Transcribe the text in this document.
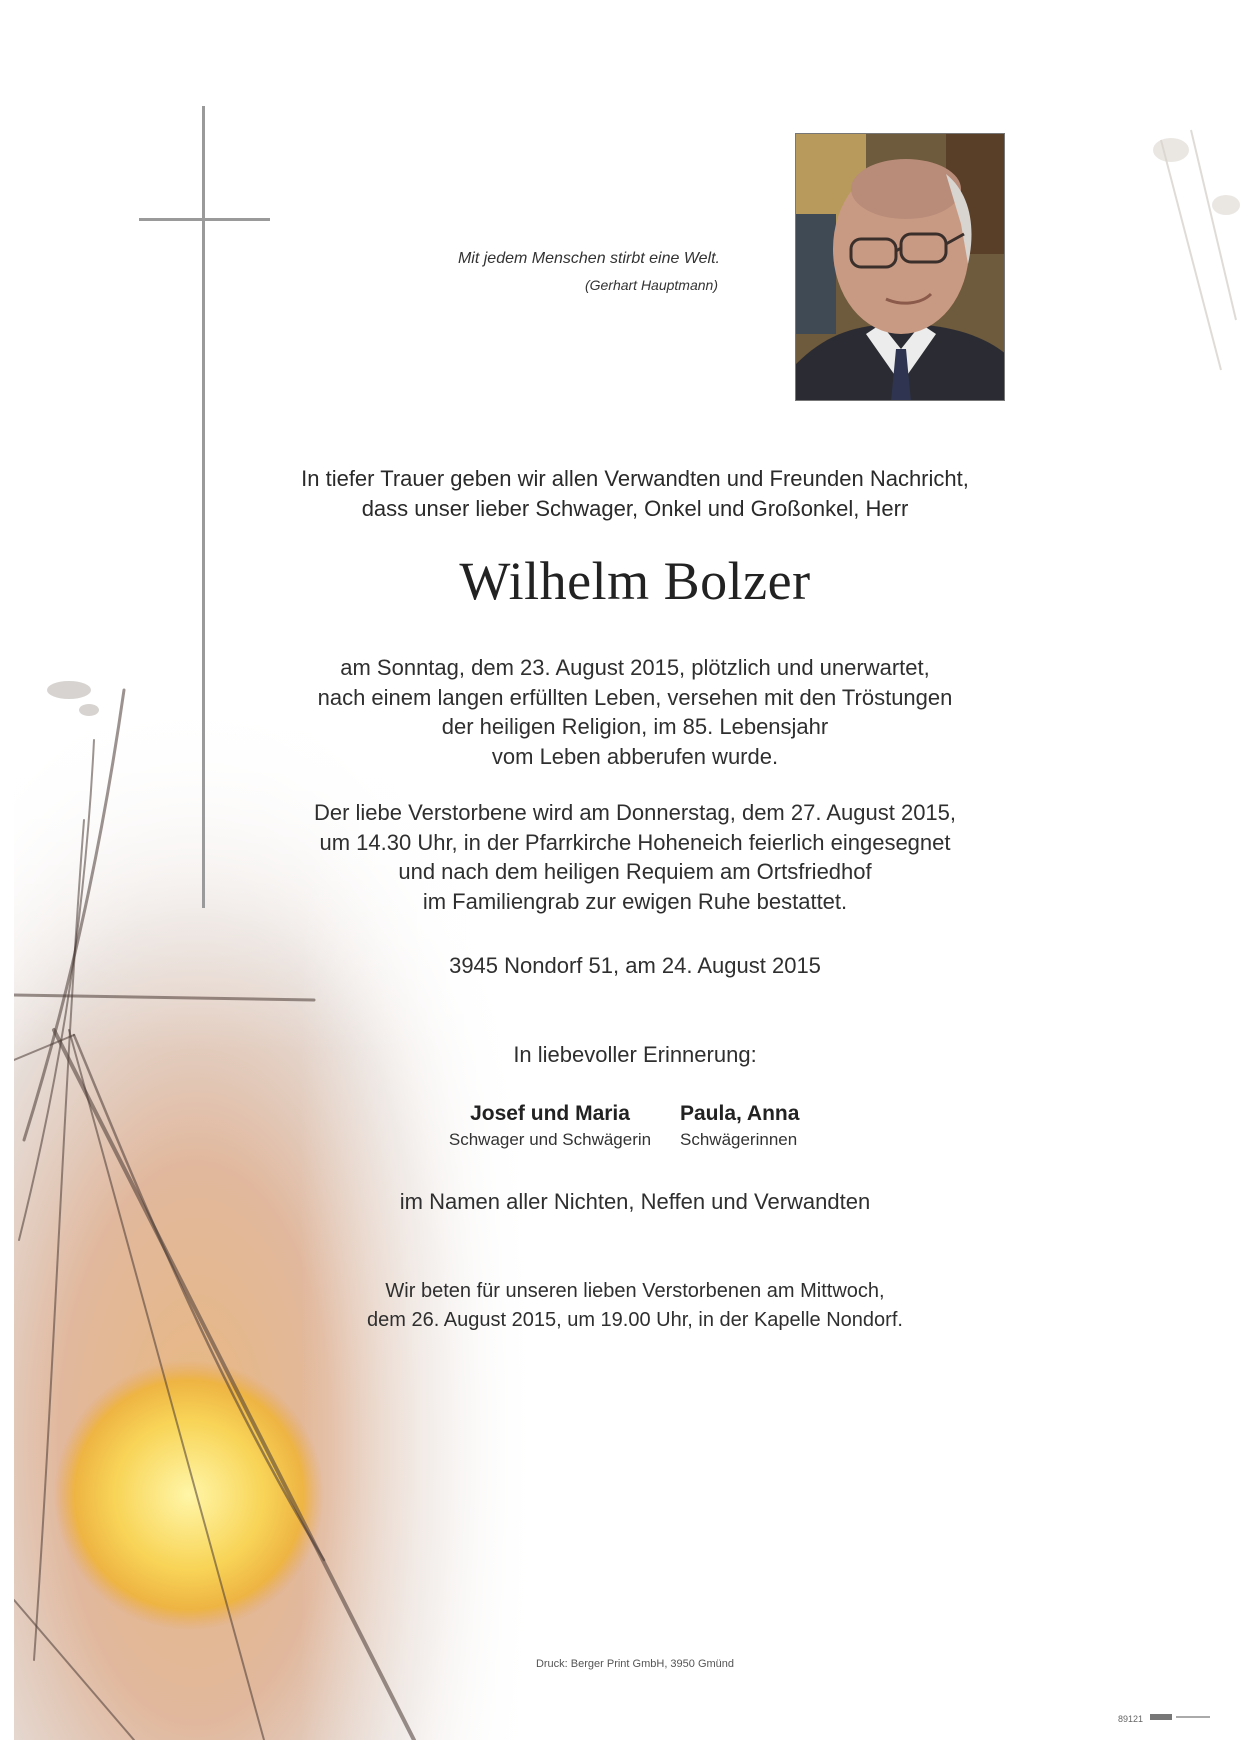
Mit jedem Menschen stirbt eine Welt.

(Gerhart Hauptmann)
In tiefer Trauer geben wir allen Verwandten und Freunden Nachricht,
dass unser lieber Schwager, Onkel und Großonkel, Herr
Wilhelm Bolzer
am Sonntag, dem 23. August 2015, plötzlich und unerwartet,
nach einem langen erfüllten Leben, versehen mit den Tröstungen
der heiligen Religion, im 85. Lebensjahr
vom Leben abberufen wurde.
Der liebe Verstorbene wird am Donnerstag, dem 27. August 2015,
um 14.30 Uhr, in der Pfarrkirche Hoheneich feierlich eingesegnet
und nach dem heiligen Requiem am Ortsfriedhof
im Familiengrab zur ewigen Ruhe bestattet.
3945 Nondorf 51, am 24. August 2015
In liebevoller Erinnerung:
Josef und Maria
Schwager und Schwägerin
Paula, Anna
Schwägerinnen
im Namen aller Nichten, Neffen und Verwandten
Wir beten für unseren lieben Verstorbenen am Mittwoch,
dem 26. August 2015, um 19.00 Uhr, in der Kapelle Nondorf.
Druck: Berger Print GmbH, 3950 Gmünd
89121
